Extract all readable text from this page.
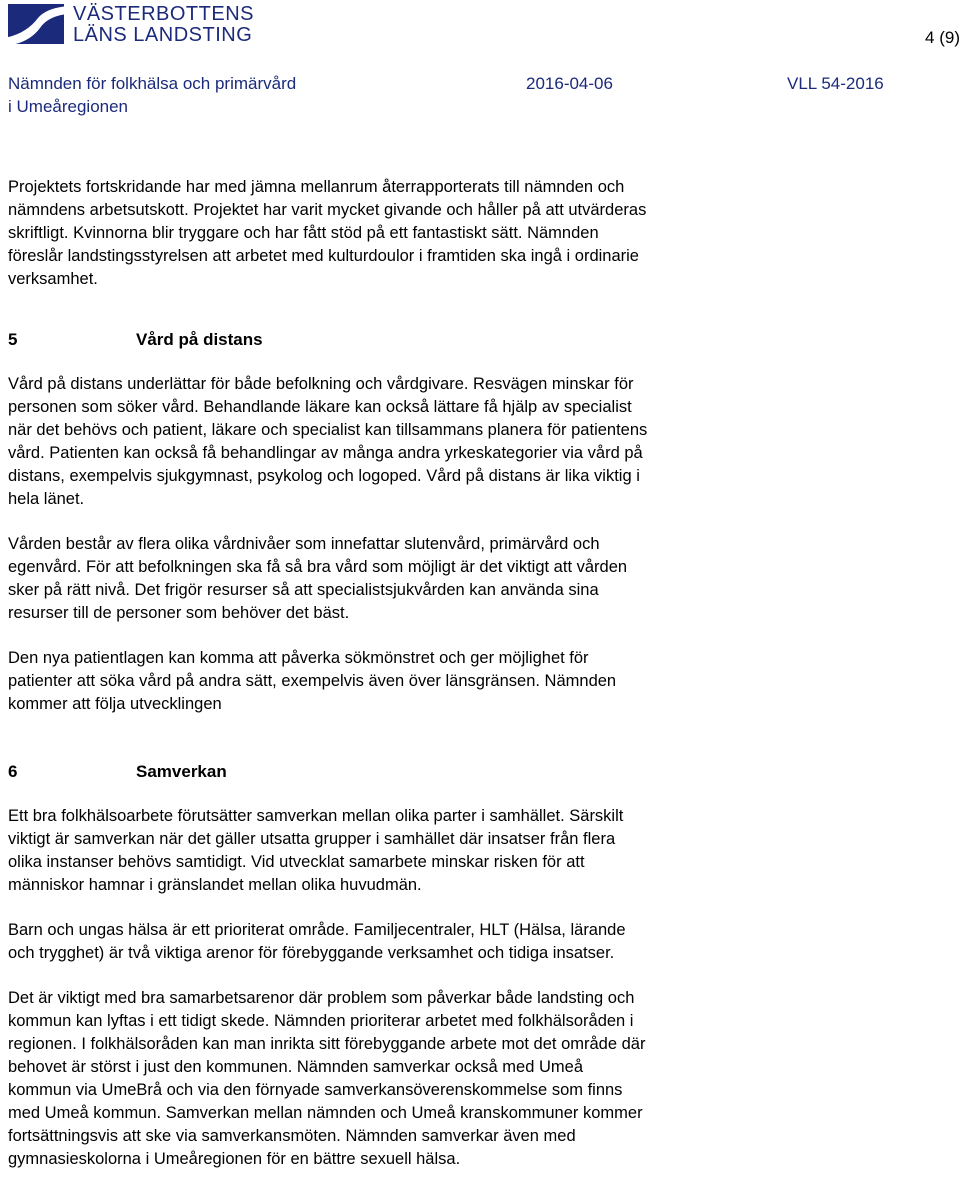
VÄSTERBOTTENS
LÄNS LANDSTING	4 (9)
Nämnden för folkhälsa och primärvård
i Umeåregionen
2016-04-06	VLL 54-2016

Projektets fortskridande har med jämna mellanrum återrapporterats till nämnden och

nämndens arbetsutskott. Projektet har varit mycket givande och håller på att utvärderas

skriftligt. Kvinnorna blir tryggare och har fått stöd på ett fantastiskt sätt. Nämnden

föreslår landstingsstyrelsen att arbetet med kulturdoulor i framtiden ska ingå i ordinarie

verksamhet.

5	Vård på distans

Vård på distans underlättar för både befolkning och vårdgivare. Resvägen minskar för

personen som söker vård. Behandlande läkare kan också lättare få hjälp av specialist

när det behövs och patient, läkare och specialist kan tillsammans planera för patientens

vård. Patienten kan också få behandlingar av många andra yrkeskategorier via vård på

distans, exempelvis sjukgymnast, psykolog och logoped. Vård på distans är lika viktig i

hela länet.

Vården består av flera olika vårdnivåer som innefattar slutenvård, primärvård och

egenvård. För att befolkningen ska få så bra vård som möjligt är det viktigt att vården

sker på rätt nivå. Det frigör resurser så att specialistsjukvården kan använda sina

resurser till de personer som behöver det bäst.

Den nya patientlagen kan komma att påverka sökmönstret och ger möjlighet för

patienter att söka vård på andra sätt, exempelvis även över länsgränsen. Nämnden

kommer att följa utvecklingen

6	Samverkan

Ett bra folkhälsoarbete förutsätter samverkan mellan olika parter i samhället. Särskilt

viktigt är samverkan när det gäller utsatta grupper i samhället där insatser från flera

olika instanser behövs samtidigt. Vid utvecklat samarbete minskar risken för att

människor hamnar i gränslandet mellan olika huvudmän.

Barn och ungas hälsa är ett prioriterat område. Familjecentraler, HLT (Hälsa, lärande

och trygghet) är två viktiga arenor för förebyggande verksamhet och tidiga insatser.

Det är viktigt med bra samarbetsarenor där problem som påverkar både landsting och

kommun kan lyftas i ett tidigt skede. Nämnden prioriterar arbetet med folkhälsoråden i

regionen. I folkhälsoråden kan man inrikta sitt förebyggande arbete mot det område där

behovet är störst i just den kommunen. Nämnden samverkar också med Umeå

kommun via UmeBrå och via den förnyade samverkansöverenskommelse som finns

med Umeå kommun. Samverkan mellan nämnden och Umeå kranskommuner kommer

fortsättningsvis att ske via samverkansmöten. Nämnden samverkar även med

gymnasieskolorna i Umeåregionen för en bättre sexuell hälsa.
